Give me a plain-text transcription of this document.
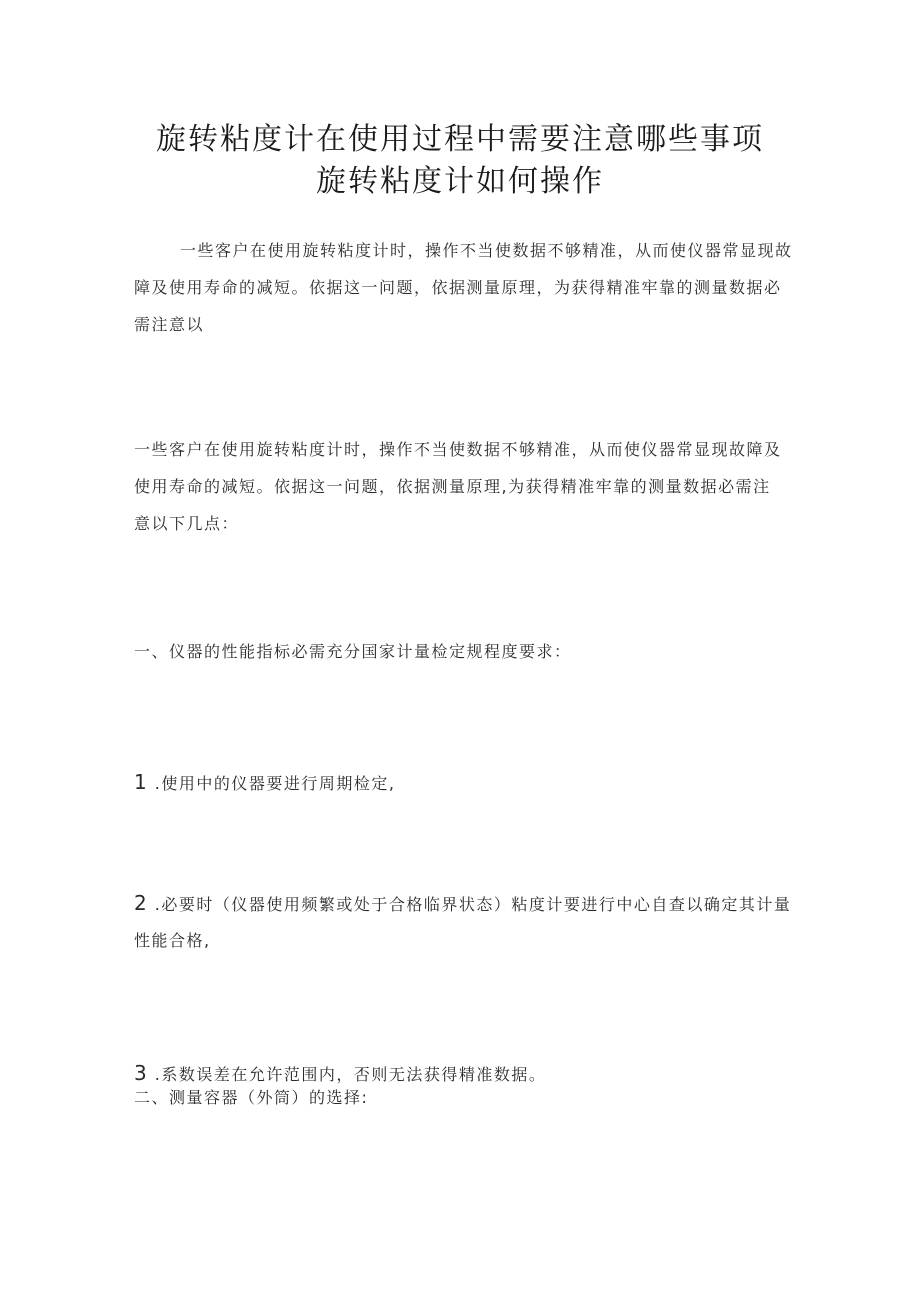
旋转粘度计在使用过程中需要注意哪些事项
旋转粘度计如何操作
一些客户在使用旋转粘度计时，操作不当使数据不够精准，从而使仪器常显现故障及使用寿命的减短。依据这一问题，依据测量原理，为获得精准牢靠的测量数据必需注意以
一些客户在使用旋转粘度计时，操作不当使数据不够精准，从而使仪器常显现故障及使用寿命的减短。依据这一问题，依据测量原理,为获得精准牢靠的测量数据必需注意以下几点：
一、仪器的性能指标必需充分国家计量检定规程度要求：
1 .使用中的仪器要进行周期检定,
2 .必要时（仪器使用频繁或处于合格临界状态）粘度计要进行中心自查以确定其计量性能合格,
3 .系数误差在允许范围内，否则无法获得精准数据。
二、测量容器（外筒）的选择:
